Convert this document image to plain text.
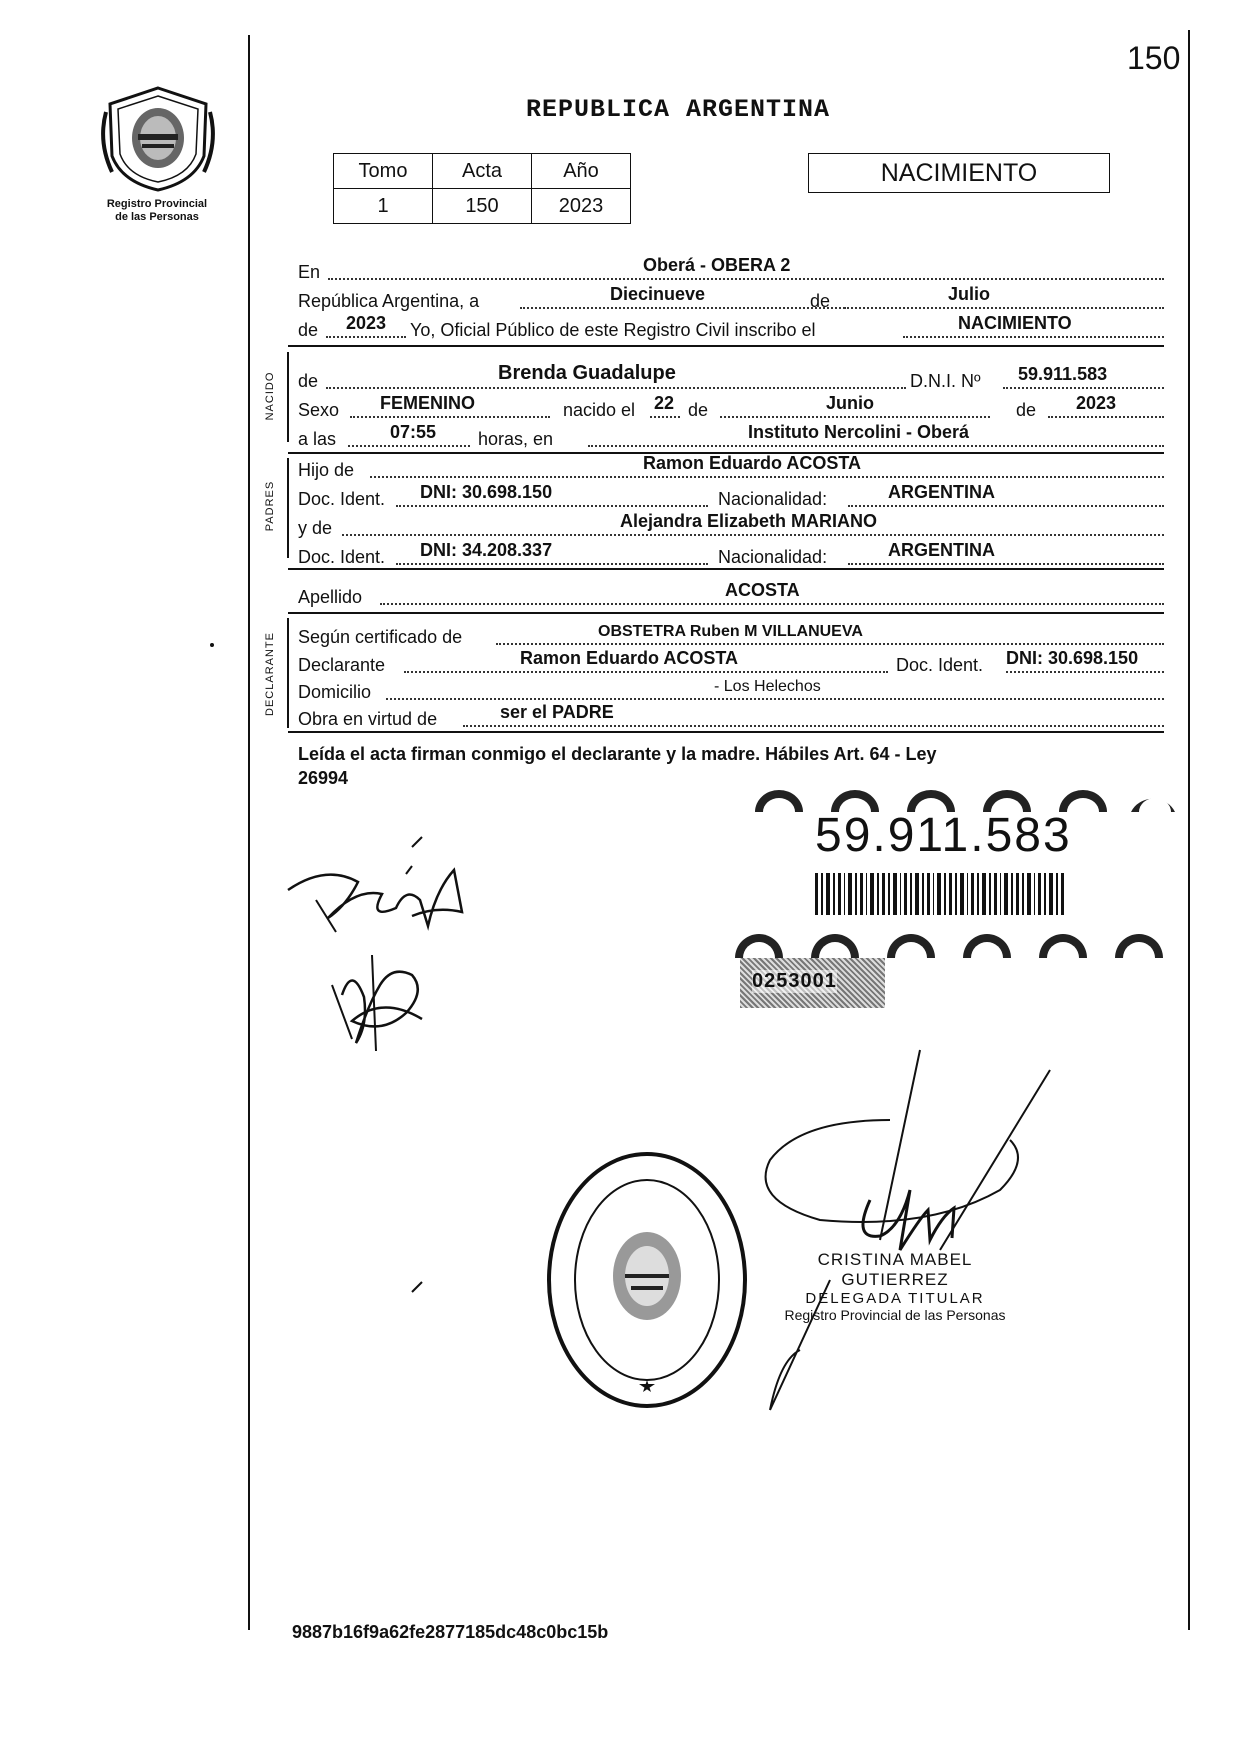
150
Registro Provincial
de las Personas
REPUBLICA ARGENTINA
Tomo	Acta	Año
1	150	2023
NACIMIENTO
En	Oberá - OBERA 2
República Argentina, a	Diecinueve	de	Julio
de 2023 Yo, Oficial Público de este Registro Civil inscribo el	NACIMIENTO
NACIDO de	Brenda Guadalupe	D.N.I. Nº 59.911.583
Sexo FEMENINO	nacido el 22 de	Junio	de 2023
a las	07:55 horas, en	Instituto Nercolini - Oberá
PADRES
Hijo de	Ramon Eduardo ACOSTA
Doc. Ident. DNI: 30.698.150	Nacionalidad:	ARGENTINA
y de	Alejandra Elizabeth MARIANO
Doc. Ident. DNI: 34.208.337	Nacionalidad:	ARGENTINA
Apellido	ACOSTA
DECLARANTE Según certificado de	OBSTETRA Ruben M VILLANUEVA
Declarante	Ramon Eduardo ACOSTA	Doc. Ident. DNI: 30.698.150
Domicilio	- Los Helechos
Obra en virtud de	ser el PADRE
Leída el acta firman conmigo el declarante y la madre. Hábiles Art. 64 - Ley
26994
59.911.583
0253001
CRISTINA MABEL GUTIERREZ
DELEGADA TITULAR
Registro Provincial de las Personas
9887b16f9a62fe2877185dc48c0bc15b
